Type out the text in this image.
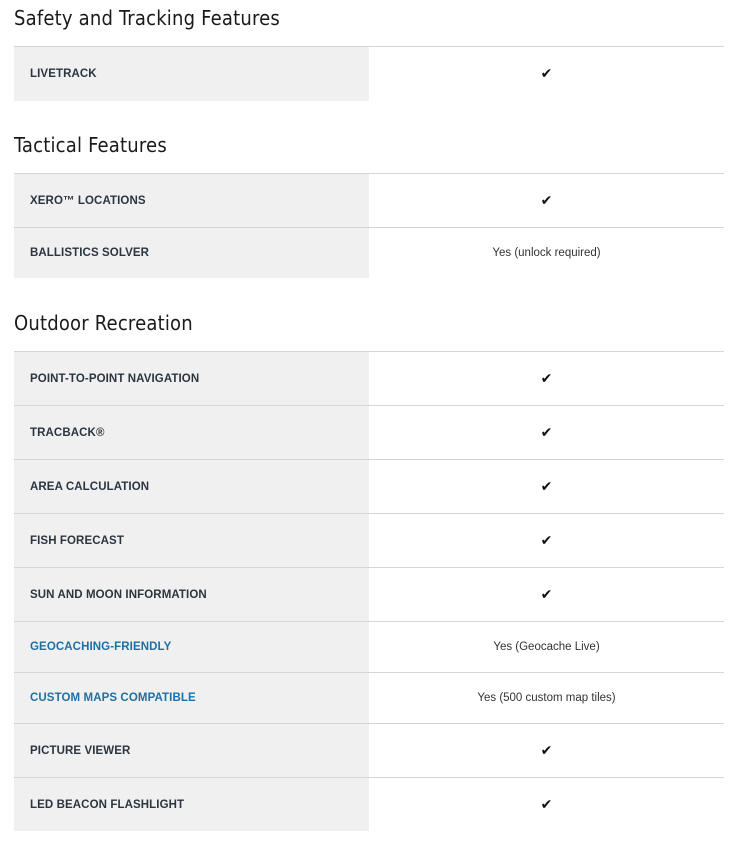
Safety and Tracking Features
LIVETRACK	✔
Tactical Features
XERO™ LOCATIONS	✔
BALLISTICS SOLVER	Yes (unlock required)
Outdoor Recreation
POINT-TO-POINT NAVIGATION	✔
TRACBACK®	✔
AREA CALCULATION	✔
FISH FORECAST	✔
SUN AND MOON INFORMATION	✔
GEOCACHING-FRIENDLY	Yes (Geocache Live)
CUSTOM MAPS COMPATIBLE	Yes (500 custom map tiles)
PICTURE VIEWER	✔
LED BEACON FLASHLIGHT	✔
